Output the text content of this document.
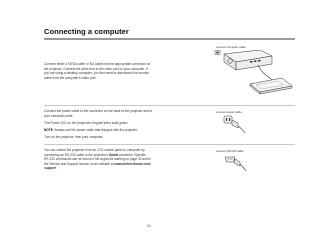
Connecting a computer
Connect either a VESA cable or M1 cable into the appropriate connector on
the projector. Connect the other end to the video port on your computer. If
you are using a desktop computer, you first need to disconnect the monitor
cable from the computer's video port.
connect computer cable
Connect the power cable to the connector on the back of the projector and to
your electrical outlet.
The Power LED on the projector's keypad turns solid green.
NOTE: Always use the power cable that shipped with the projector.
Turn on the projector, then your computer.
connect power cable
You can control the projector from an LCD control panel or computer by
connecting an RS-232 cable to the projector's Serial connector. Specific
RS-232 commands can be found in the Appendix starting on page 30 and in
the Service and Support section of our website at www.infocusframe.com/
support.
connect RS-232 cable
14
